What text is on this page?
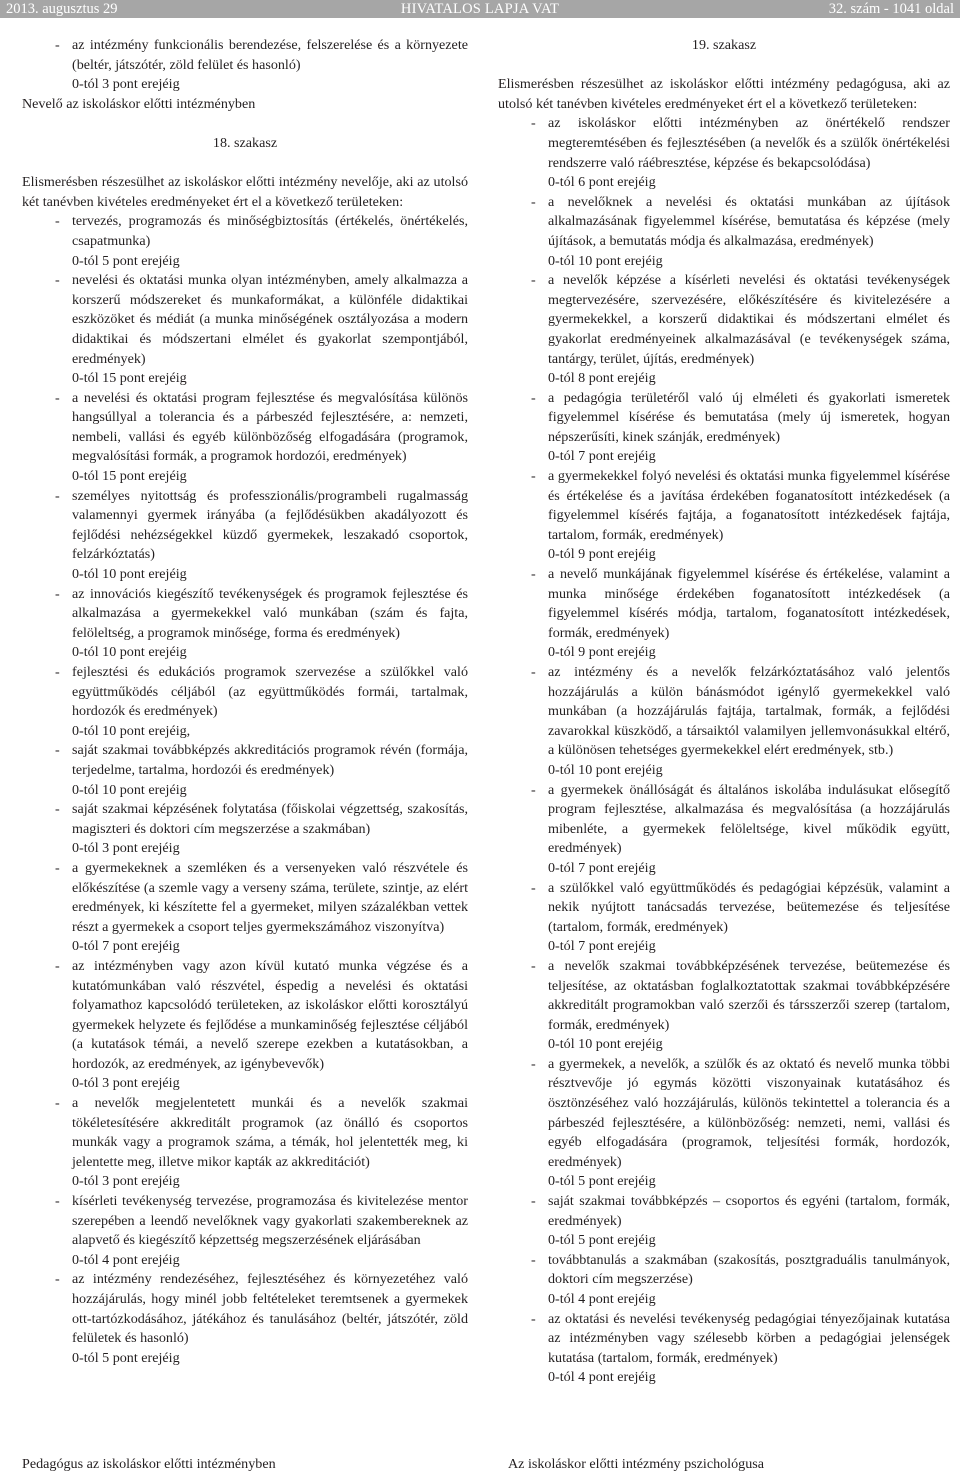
2013. augusztus 29	HIVATALOS LAPJA VAT	32. szám - 1041 oldal
- az intézmény funkcionális berendezése, felszerelése és a környezete (beltér, játszótér, zöld felület és hasonló)
0-tól 3 pont erejéig
Nevelő az iskoláskor előtti intézményben
18. szakasz

Elismerésben részesülhet az iskoláskor előtti intézmény nevelője, aki az utolsó két tanévben kivételes eredményeket ért el a következő területeken:

- tervezés, programozás és minőségbiztosítás (értékelés, önértékelés, csapatmunka)
0-tól 5 pont erejéig
- nevelési és oktatási munka olyan intézményben, amely alkalmazza a korszerű módszereket és munkaformákat, a különféle didaktikai eszközöket és médiát (a munka minőségének osztályozása a modern didaktikai és módszertani elmélet és gyakorlat szempontjából, eredmények)
0-tól 15 pont erejéig
- a nevelési és oktatási program fejlesztése és megvalósítása különös hangsúllyal a tolerancia és a párbeszéd fejlesztésére, a: nemzeti, nembeli, vallási és egyéb különbözőség elfogadására (programok, megvalósítási formák, a programok hordozói, eredmények)
0-tól 15 pont erejéig
- személyes nyitottság és professzionális/programbeli rugalmasság valamennyi gyermek irányába (a fejlődésükben akadályozott és fejlődési nehézségekkel küzdő gyermekek, leszakadó csoportok, felzárkóztatás)
0-tól 10 pont erejéig
- az innovációs kiegészítő tevékenységek és programok fejlesztése és alkalmazása a gyermekekkel való munkában (szám és fajta, felöleltség, a programok minősége, forma és eredmények)
0-tól 10 pont erejéig
- fejlesztési és edukációs programok szervezése a szülőkkel való együttműködés céljából (az együttműködés formái, tartalmak, hordozók és eredmények)
0-tól 10 pont erejéig,
- saját szakmai továbbképzés akkreditációs programok révén (formája, terjedelme, tartalma, hordozói és eredmények)
0-tól 10 pont erejéig
- saját szakmai képzésének folytatása (főiskolai végzettség, szakosítás, magiszteri és doktori cím megszerzése a szakmában)
0-tól 3 pont erejéig
- a gyermekeknek a szemléken és a versenyeken való részvétele és előkészítése (a szemle vagy a verseny száma, területe, szintje, az elért eredmények, ki készítette fel a gyermeket, milyen százalékban vettek részt a gyermekek a csoport teljes gyermekszámához viszonyítva)
0-tól 7 pont erejéig
- az intézményben vagy azon kívül kutató munka végzése és a kutatómunkában való részvétel, éspedig a nevelési és oktatási folyamathoz kapcsolódó területeken, az iskoláskor előtti korosztályú gyermekek helyzete és fejlődése a munkaminőség fejlesztése céljából (a kutatások témái, a nevelő szerepe ezekben a kutatásokban, a hordozók, az eredmények, az igénybevevők)
0-tól 3 pont erejéig
- a nevelők megjelentetett munkái és a nevelők szakmai tökéletesítésére akkreditált programok (az önálló és csoportos munkák vagy a programok száma, a témák, hol jelentették meg, ki jelentette meg, illetve mikor kapták az akkreditációt)
0-tól 3 pont erejéig
- kísérleti tevékenység tervezése, programozása és kivitelezése mentor szerepében a leendő nevelőknek vagy gyakorlati szakembereknek az alapvető és kiegészítő képzettség megszerzésének eljárásában
0-tól 4 pont erejéig
- az intézmény rendezéséhez, fejlesztéséhez és környezetéhez való hozzájárulás, hogy minél jobb feltételeket teremtsenek a gyermekek ott-tartózkodásához, játékához és tanulásához (beltér, játszótér, zöld felületek és hasonló)
0-tól 5 pont erejéig
19. szakasz

Elismerésben részesülhet az iskoláskor előtti intézmény pedagógusa, aki az utolsó két tanévben kivételes eredményeket ért el a következő területeken:

- az iskoláskor előtti intézményben az önértékelő rendszer megteremtésében és fejlesztésében (a nevelők és a szülők önértékelési rendszerre való ráébresztése, képzése és bekapcsolódása)
0-tól 6 pont erejéig
- a nevelőknek a nevelési és oktatási munkában az újítások alkalmazásának figyelemmel kísérése, bemutatása és képzése (mely újítások, a bemutatás módja és alkalmazása, eredmények)
0-tól 10 pont erejéig
- a nevelők képzése a kísérleti nevelési és oktatási tevékenységek megtervezésére, szervezésére, előkészítésére és kivitelezésére a gyermekekkel, a korszerű didaktikai és módszertani elmélet és gyakorlat eredményeinek alkalmazásával (e tevékenységek száma, tantárgy, terület, újítás, eredmények)
0-tól 8 pont erejéig
- a pedagógia területéről való új elméleti és gyakorlati ismeretek figyelemmel kísérése és bemutatása (mely új ismeretek, hogyan népszerűsíti, kinek szánják, eredmények)
0-tól 7 pont erejéig
- a gyermekekkel folyó nevelési és oktatási munka figyelemmel kísérése és értékelése és a javítása érdekében foganatosított intézkedések (a figyelemmel kísérés fajtája, a foganatosított intézkedések fajtája, tartalom, formák, eredmények)
0-tól 9 pont erejéig
- a nevelő munkájának figyelemmel kísérése és értékelése, valamint a munka minősége érdekében foganatosított intézkedések (a figyelemmel kísérés módja, tartalom, foganatosított intézkedések, formák, eredmények)
0-tól 9 pont erejéig
- az intézmény és a nevelők felzárkóztatásához való jelentős hozzájárulás a külön bánásmódot igénylő gyermekekkel való munkában (a hozzájárulás fajtája, tartalmak, formák, a fejlődési zavarokkal küszködő, a társaiktól valamilyen jellemvonásukkal eltérő, a különösen tehetséges gyermekekkel elért eredmények, stb.)
0-tól 10 pont erejéig
- a gyermekek önállóságát és általános iskolába indulásukat elősegítő program fejlesztése, alkalmazása és megvalósítása (a hozzájárulás mibenléte, a gyermekek felöleltsége, kivel működik együtt, eredmények)
0-tól 7 pont erejéig
- a szülőkkel való együttműködés és pedagógiai képzésük, valamint a nekik nyújtott tanácsadás tervezése, beütemezése és teljesítése (tartalom, formák, eredmények)
0-tól 7 pont erejéig
- a nevelők szakmai továbbképzésének tervezése, beütemezése és teljesítése, az oktatásban foglalkoztatottak szakmai továbbképzésére akkreditált programokban való szerzői és társszerzői szerep (tartalom, formák, eredmények)
0-tól 10 pont erejéig
- a gyermekek, a nevelők, a szülők és az oktató és nevelő munka többi résztvevője jó egymás közötti viszonyainak kutatásához és ösztönzéséhez való hozzájárulás, különös tekintettel a tolerancia és a párbeszéd fejlesztésére, a különbözőség: nemzeti, nemi, vallási és egyéb elfogadására (programok, teljesítési formák, hordozók, eredmények)
0-tól 5 pont erejéig
- saját szakmai továbbképzés – csoportos és egyéni (tartalom, formák, eredmények)
0-tól 5 pont erejéig
- továbbtanulás a szakmában (szakosítás, posztgraduális tanulmányok, doktori cím megszerzése)
0-tól 4 pont erejéig
- az oktatási és nevelési tevékenység pedagógiai tényezőjainak kutatása az intézményben vagy szélesebb körben a pedagógiai jelenségek kutatása (tartalom, formák, eredmények)
0-tól 4 pont erejéig
Pedagógus az iskoláskor előtti intézményben	Az iskoláskor előtti intézmény pszichológusa
